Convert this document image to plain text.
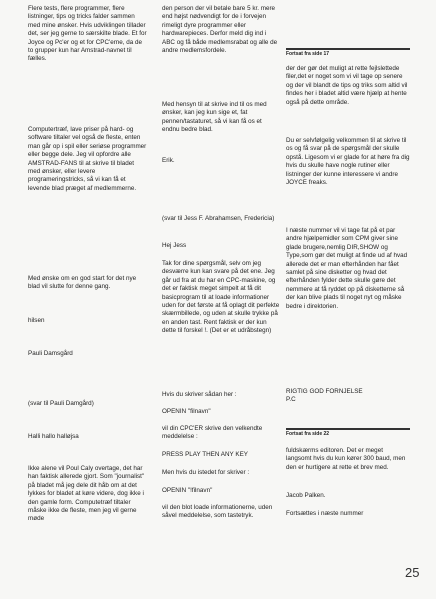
Flere tests, flere programmer, flere listninger, tips og tricks falder sammen med mine ønsker. Hvis udviklingen tillader det, ser jeg gerne to særskilte blade. Et for Joyce og Pc'er og et for CPC'erne, da de to grupper kun har Amstrad-navnet til fælles.
Computertræf, lave priser på hard- og software tiltaler vel også de fleste, enten man går op i spil eller seriøse programmer eller begge dele. Jeg vil opfordre alle AMSTRAD-FANS til at skrive til bladet med ønsker, eller levere programeringstricks, så vi kan få et levende blad præget af medlemmerne.
Med ønske om en god start for det nye blad vil slutte for denne gang.
hilsen
Pauli Damsgård
(svar til Pauli Damgård)
Halli hallo halløjsa
Ikke alene vil Poul Caly overtage, det har han faktisk allerede gjort. Som "journalist" på bladet må jeg dele dit håb om at det lykkes for bladet at køre videre, dog ikke i den gamle form. Computetræf tiltaler måske ikke de fleste, men jeg vil gerne møde
den person der vil betale bare 5 kr. mere end højst nødvendigt for de i forvejen rimeligt dyre programmer eller hardwarepieces. Derfor meld dig ind i ABC og få både medlemsrabat og alle de andre medlemsfordele.
Med hensyn til at skrive ind til os med ønsker, kan jeg kun sige et, fat pennen/tastaturet, så vi kan få os et endnu bedre blad.
Erik.
(svar til Jess F. Abrahamsen, Fredericia)
Hej Jess
Tak for dine spørgsmål, selv om jeg desværre kun kan svare på det ene. Jeg går ud fra at du har en CPC-maskine, og det er faktisk meget simpelt at få dit basicprogram til at loade informationer uden for det første at få oplagt dit perfekte skærmbillede, og uden at skulle trykke på en anden tast. Rent faktisk er der kun dette til forskel !. (Det er et udråbstegn)
Hvis du skriver sådan her :
OPENIN "filnavn"
vil din CPC'ER skrive den velkendte meddelelse :
PRESS PLAY THEN ANY KEY
Men hvis du istedet for skriver :
OPENIN "!filnavn"
vil den blot loade informationerne, uden såvel meddelelse, som tastetryk.
Fortsat fra side 17
der der gør det muligt at rette fejlslettede filer,det er noget som vi vil tage op senere og der vil blandt de tips og triks som altid vil findes her i bladet altid være hjælp at hente også på dette område.
Du er selvfølgelig velkommen til at skrive til os og få svar på de spørgsmål der skulle opstå. Ligesom vi er glade for at høre fra dig hvis du skulle have nogle rutiner eller listninger der kunne interessere vi andre JOYCE freaks.
I næste nummer vil vi tage fat på et par andre hjælpemidler som CPM giver sine glade brugere,nemlig DIR,SHOW og Type,som gør det muligt at finde ud af hvad allerede det er man efterhånden har fået samlet på sine disketter og hvad det efterhånden fylder dette skulle gøre det nemmere at få ryddet op på disketterne så der kan blive plads til noget nyt og måske bedre i direktorien.
RIGTIG GOD FORNJELSE
P.C
Fortsat fra side 22
fuldskærms editoren. Det er meget langsomt hvis du kun kører 300 baud, men den er hurtigere at rette et brev med.
Jacob Palken.
Fortsættes i næste nummer
25
